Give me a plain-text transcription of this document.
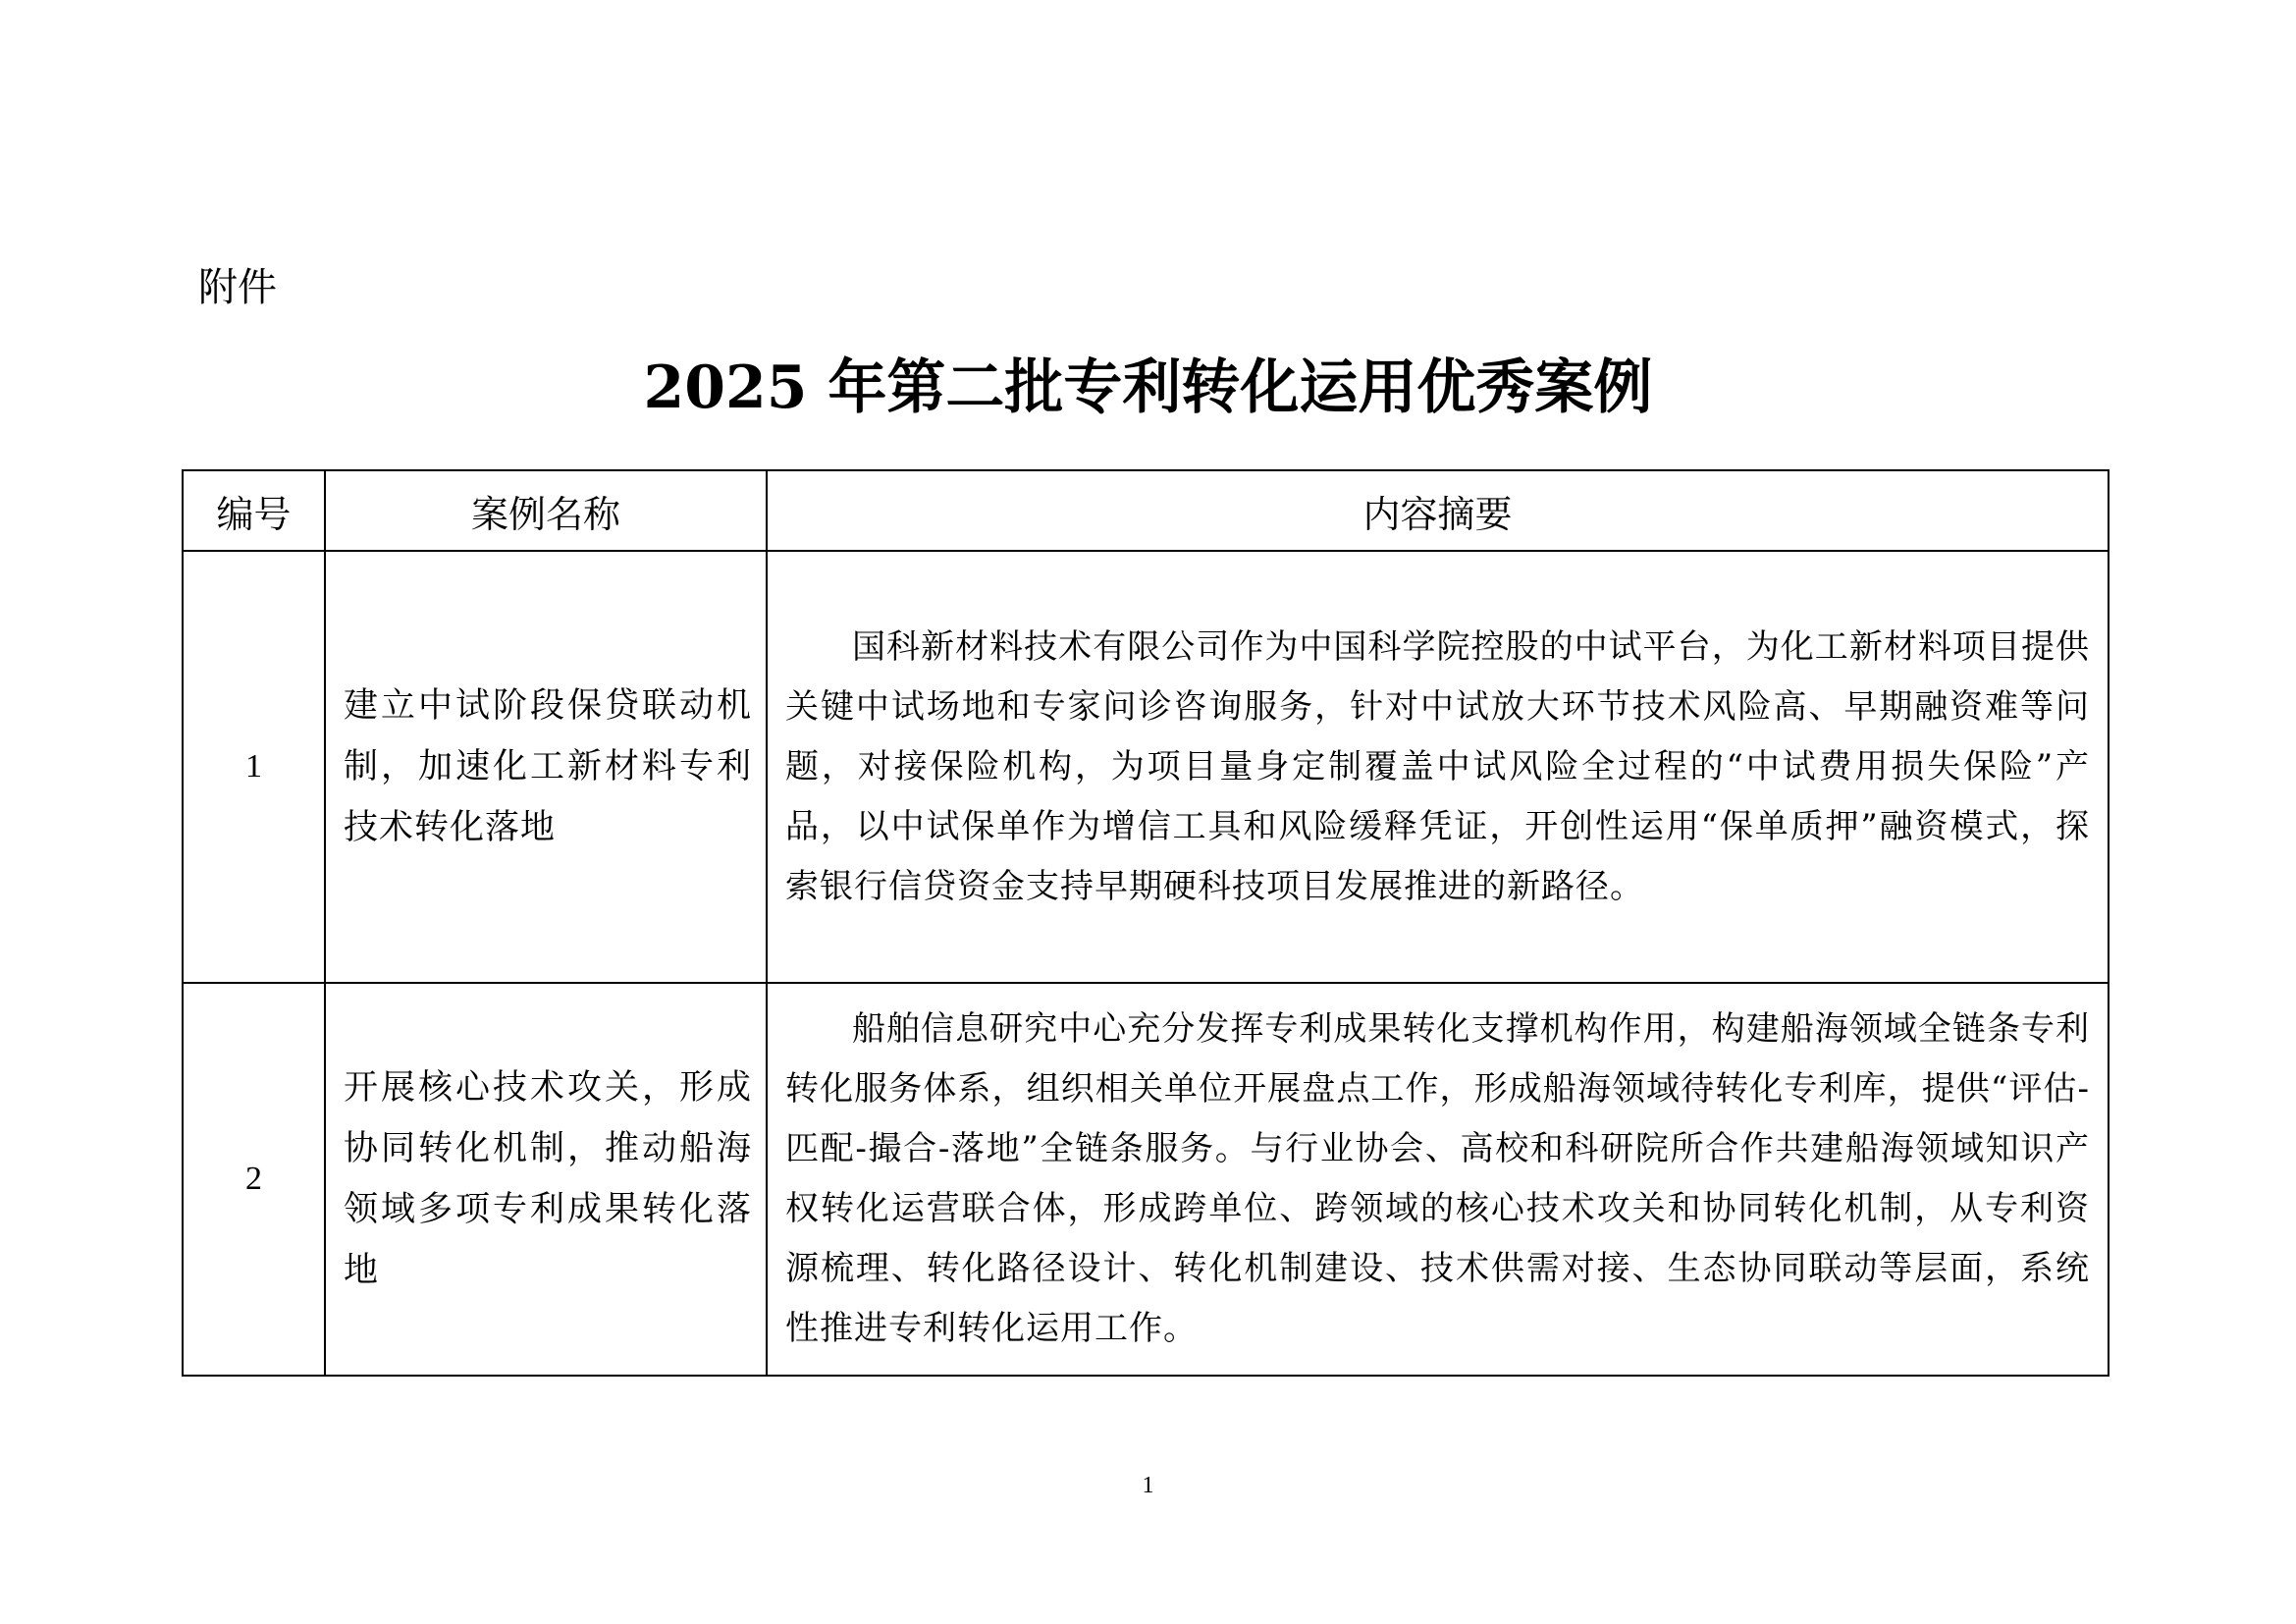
附件
2025 年第二批专利转化运用优秀案例
编号	案例名称	内容摘要
1	建立中试阶段保贷联动机制，加速化工新材料专利技术转化落地	国科新材料技术有限公司作为中国科学院控股的中试平台，为化工新材料项目提供关键中试场地和专家问诊咨询服务，针对中试放大环节技术风险高、早期融资难等问题，对接保险机构，为项目量身定制覆盖中试风险全过程的“中试费用损失保险”产品，以中试保单作为增信工具和风险缓释凭证，开创性运用“保单质押”融资模式，探索银行信贷资金支持早期硬科技项目发展推进的新路径。

2	开展核心技术攻关，形成协同转化机制，推动船海领域多项专利成果转化落地	船舶信息研究中心充分发挥专利成果转化支撑机构作用，构建船海领域全链条专利转化服务体系，组织相关单位开展盘点工作，形成船海领域待转化专利库，提供“评估-匹配-撮合-落地”全链条服务。与行业协会、高校和科研院所合作共建船海领域知识产权转化运营联合体，形成跨单位、跨领域的核心技术攻关和协同转化机制，从专利资源梳理、转化路径设计、转化机制建设、技术供需对接、生态协同联动等层面，系统性推进专利转化运用工作。

1
